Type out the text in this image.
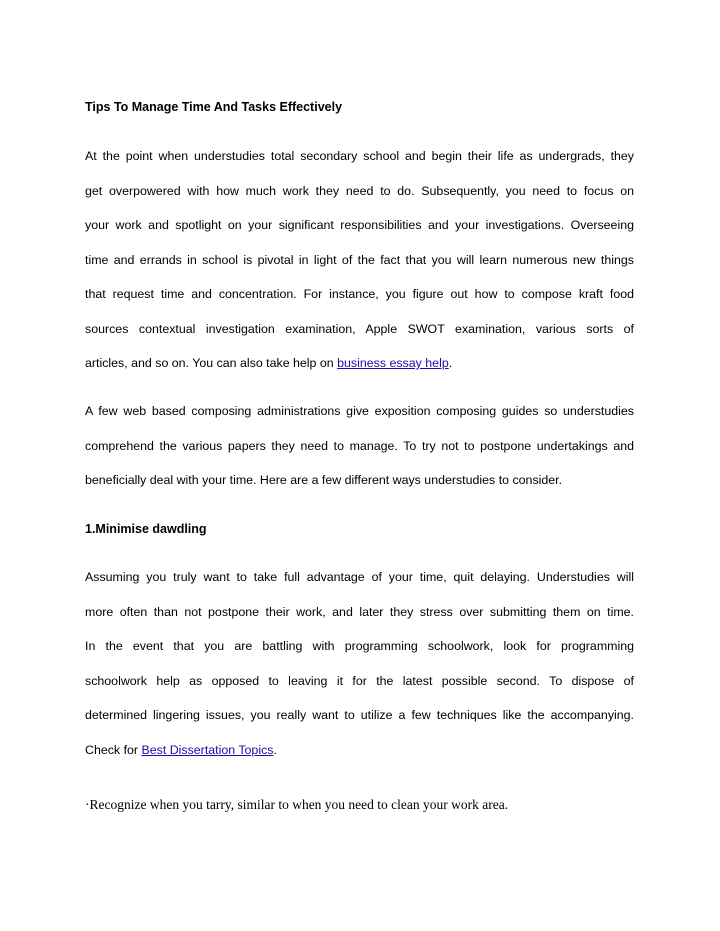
Tips To Manage Time And Tasks Effectively
At the point when understudies total secondary school and begin their life as undergrads, they
get overpowered with how much work they need to do. Subsequently, you need to focus on
your work and spotlight on your significant responsibilities and your investigations. Overseeing
time and errands in school is pivotal in light of the fact that you will learn numerous new things
that request time and concentration. For instance, you figure out how to compose kraft food
sources contextual investigation examination, Apple SWOT examination, various sorts of
articles, and so on. You can also take help on business essay help.
A few web based composing administrations give exposition composing guides so understudies
comprehend the various papers they need to manage. To try not to postpone undertakings and
beneficially deal with your time. Here are a few different ways understudies to consider.
1.Minimise dawdling
Assuming you truly want to take full advantage of your time, quit delaying. Understudies will
more often than not postpone their work, and later they stress over submitting them on time.
In the event that you are battling with programming schoolwork, look for programming
schoolwork help as opposed to leaving it for the latest possible second. To dispose of
determined lingering issues, you really want to utilize a few techniques like the accompanying.
Check for Best Dissertation Topics.
·Recognize when you tarry, similar to when you need to clean your work area.
